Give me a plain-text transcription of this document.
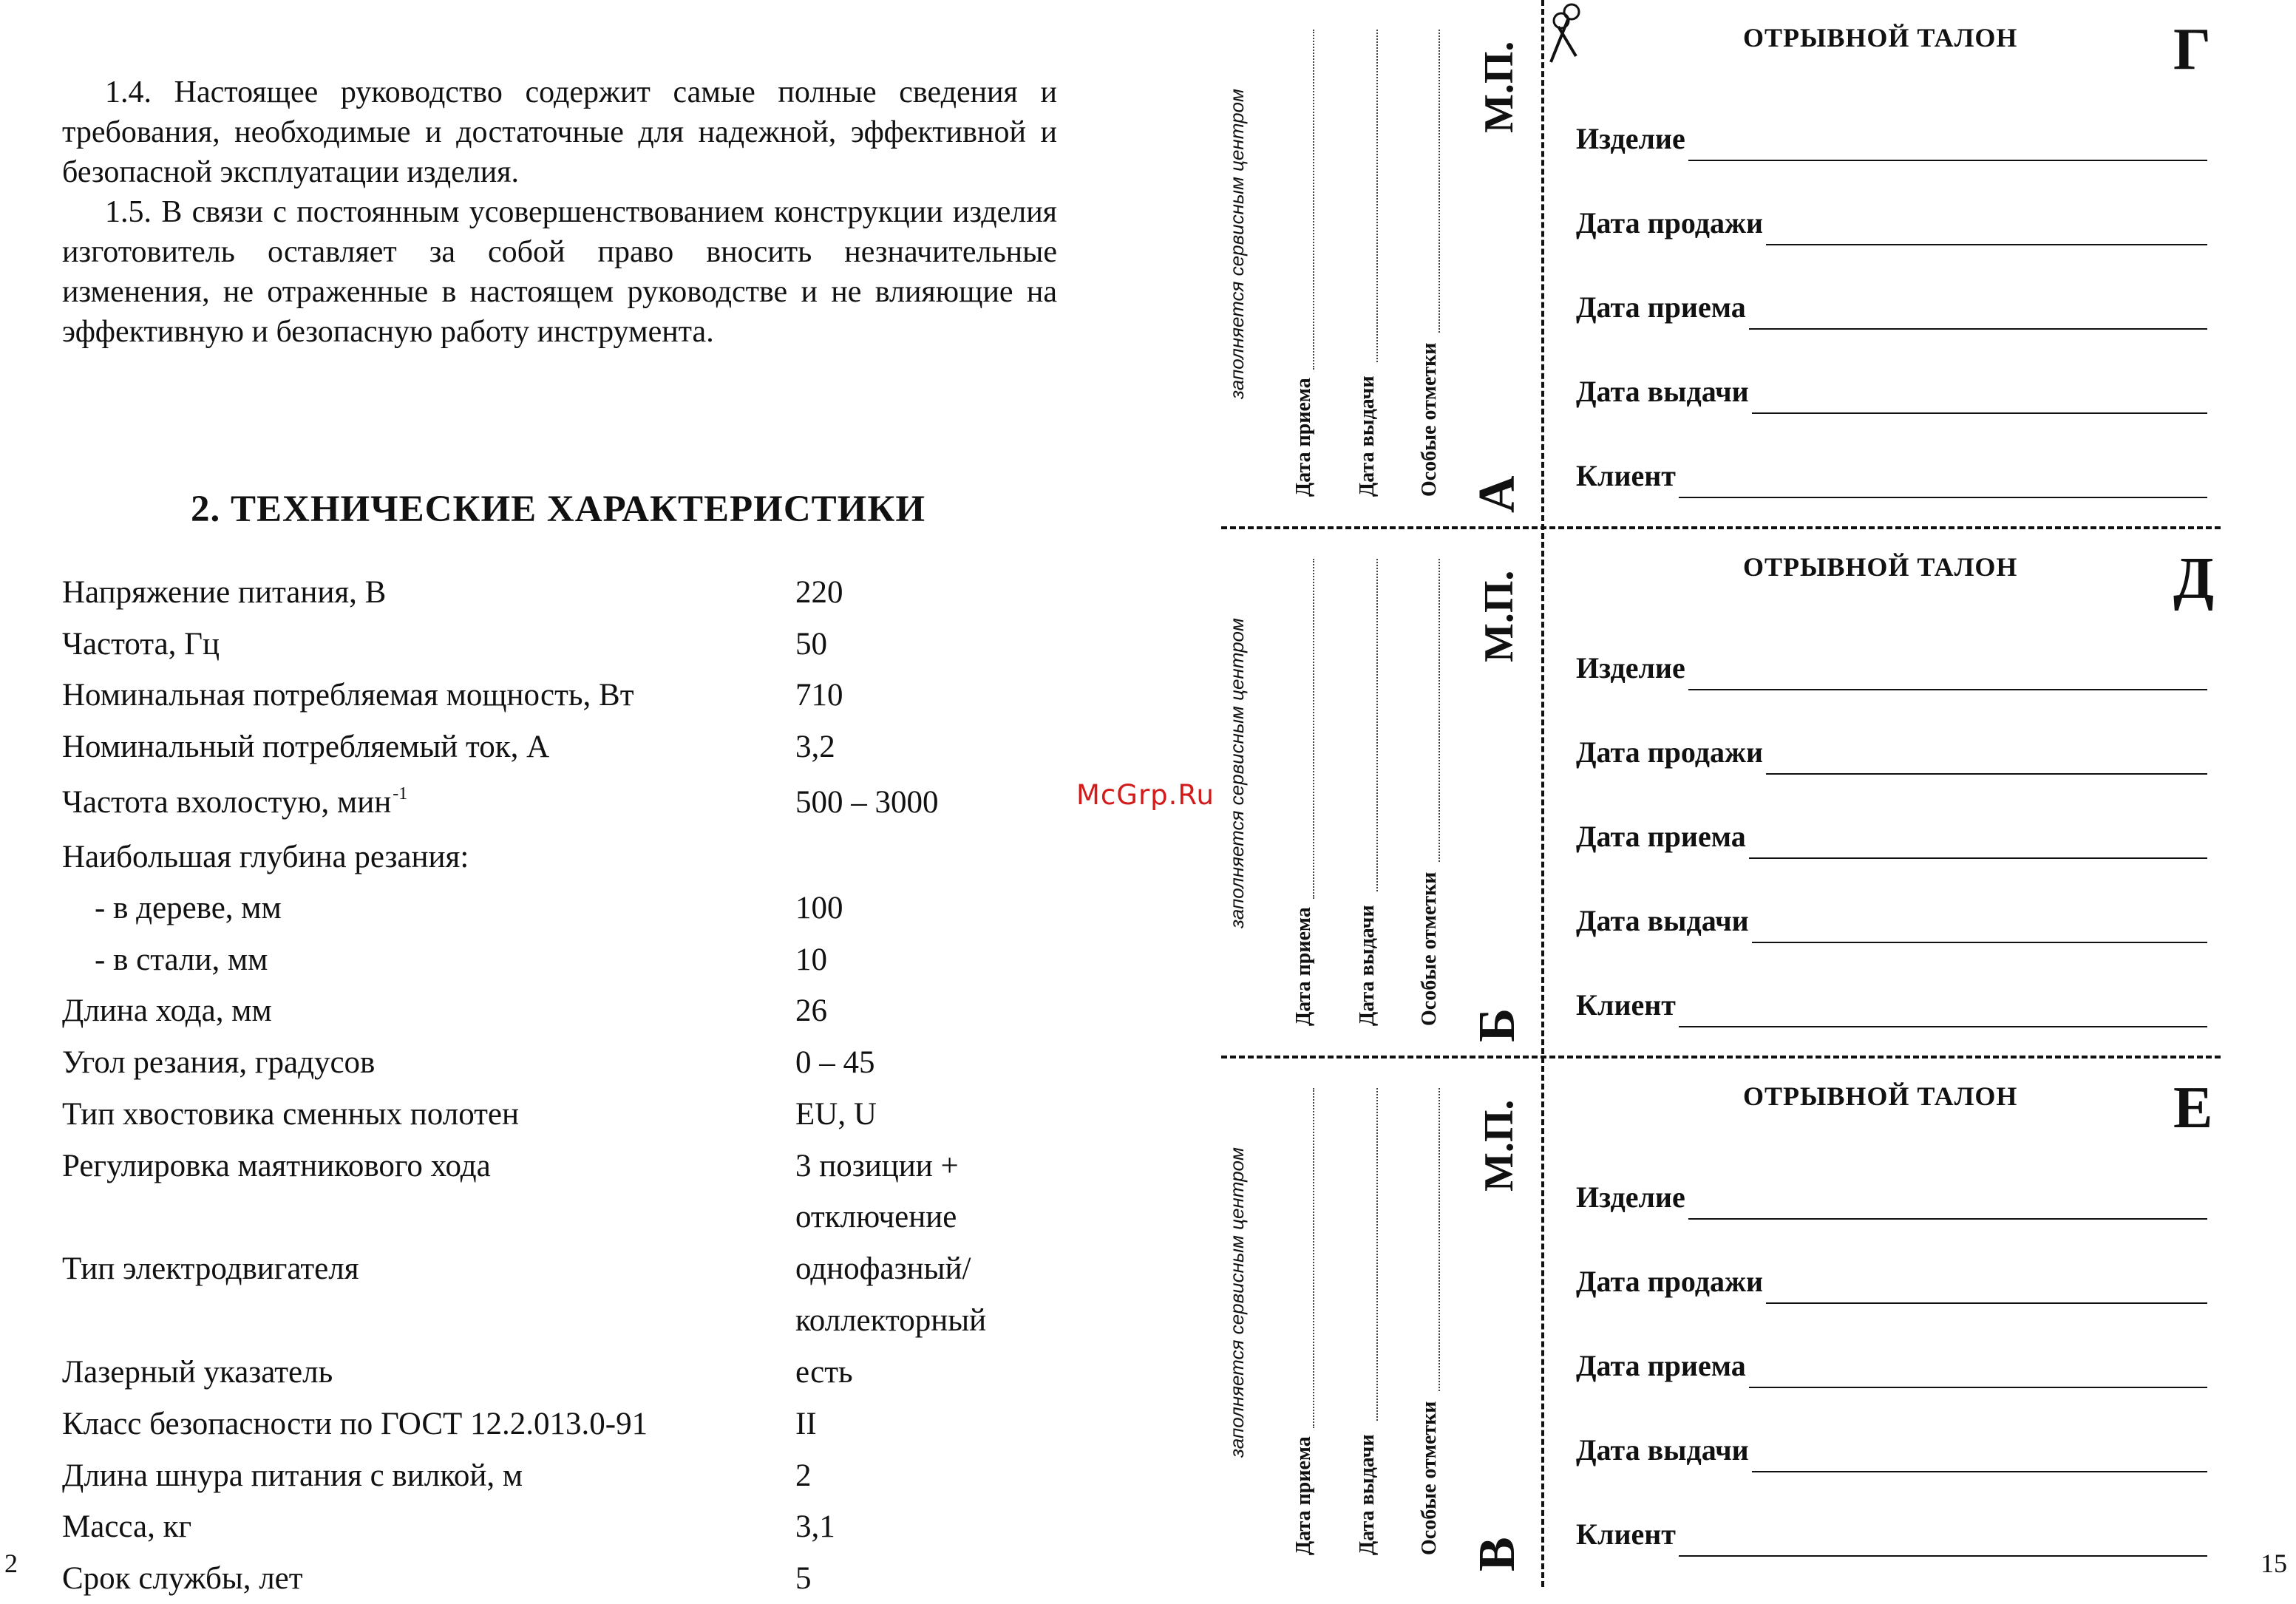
1.4. Настоящее руководство содержит самые полные сведения и требования, необходимые и достаточные для надежной, эффективной и безопасной эксплуатации изделия.

1.5. В связи с постоянным усовершенствованием конструкции изделия изготовитель оставляет за собой право вносить незначительные изменения, не отраженные в настоящем руководстве и не влияющие на эффективную и безопасную работу инструмента.

2. ТЕХНИЧЕСКИЕ ХАРАКТЕРИСТИКИ
Напряжение питания, В	220
Частота, Гц	50
Номинальная потребляемая мощность, Вт	710
Номинальный потребляемый ток, А	3,2
Частота вхолостую, мин$^{-1}$	500 – 3000
Наибольшая глубина резания:
- в дереве, мм	100
- в стали, мм	10
Длина хода, мм	26
Угол резания, градусов	0 – 45
Тип хвостовика сменных полотен	EU, U
Регулировка маятникового хода	3 позиции +
отключение
Тип электродвигателя	однофазный/
коллекторный
Лазерный указатель	есть
Класс безопасности по ГОСТ 12.2.013.0-91	II
Длина шнура питания с вилкой, м	2
Масса, кг	3,1
Срок службы, лет	5
2	15
McGrp.Ru
заполняется сервисным центром
Дата приема Дата выдачи Особые отметки
М.П.
А
ОТРЫВНОЙ ТАЛОН	Г
Изделие
Дата продажи
Дата приема
Дата выдачи
Клиент
заполняется сервисным центром
Дата приема Дата выдачи Особые отметки
М.П.
Б
ОТРЫВНОЙ ТАЛОН	Д
Изделие
Дата продажи
Дата приема
Дата выдачи
Клиент
заполняется сервисным центром
Дата приема Дата выдачи Особые отметки
М.П.
В
ОТРЫВНОЙ ТАЛОН	Е
Изделие
Дата продажи
Дата приема
Дата выдачи
Клиент
